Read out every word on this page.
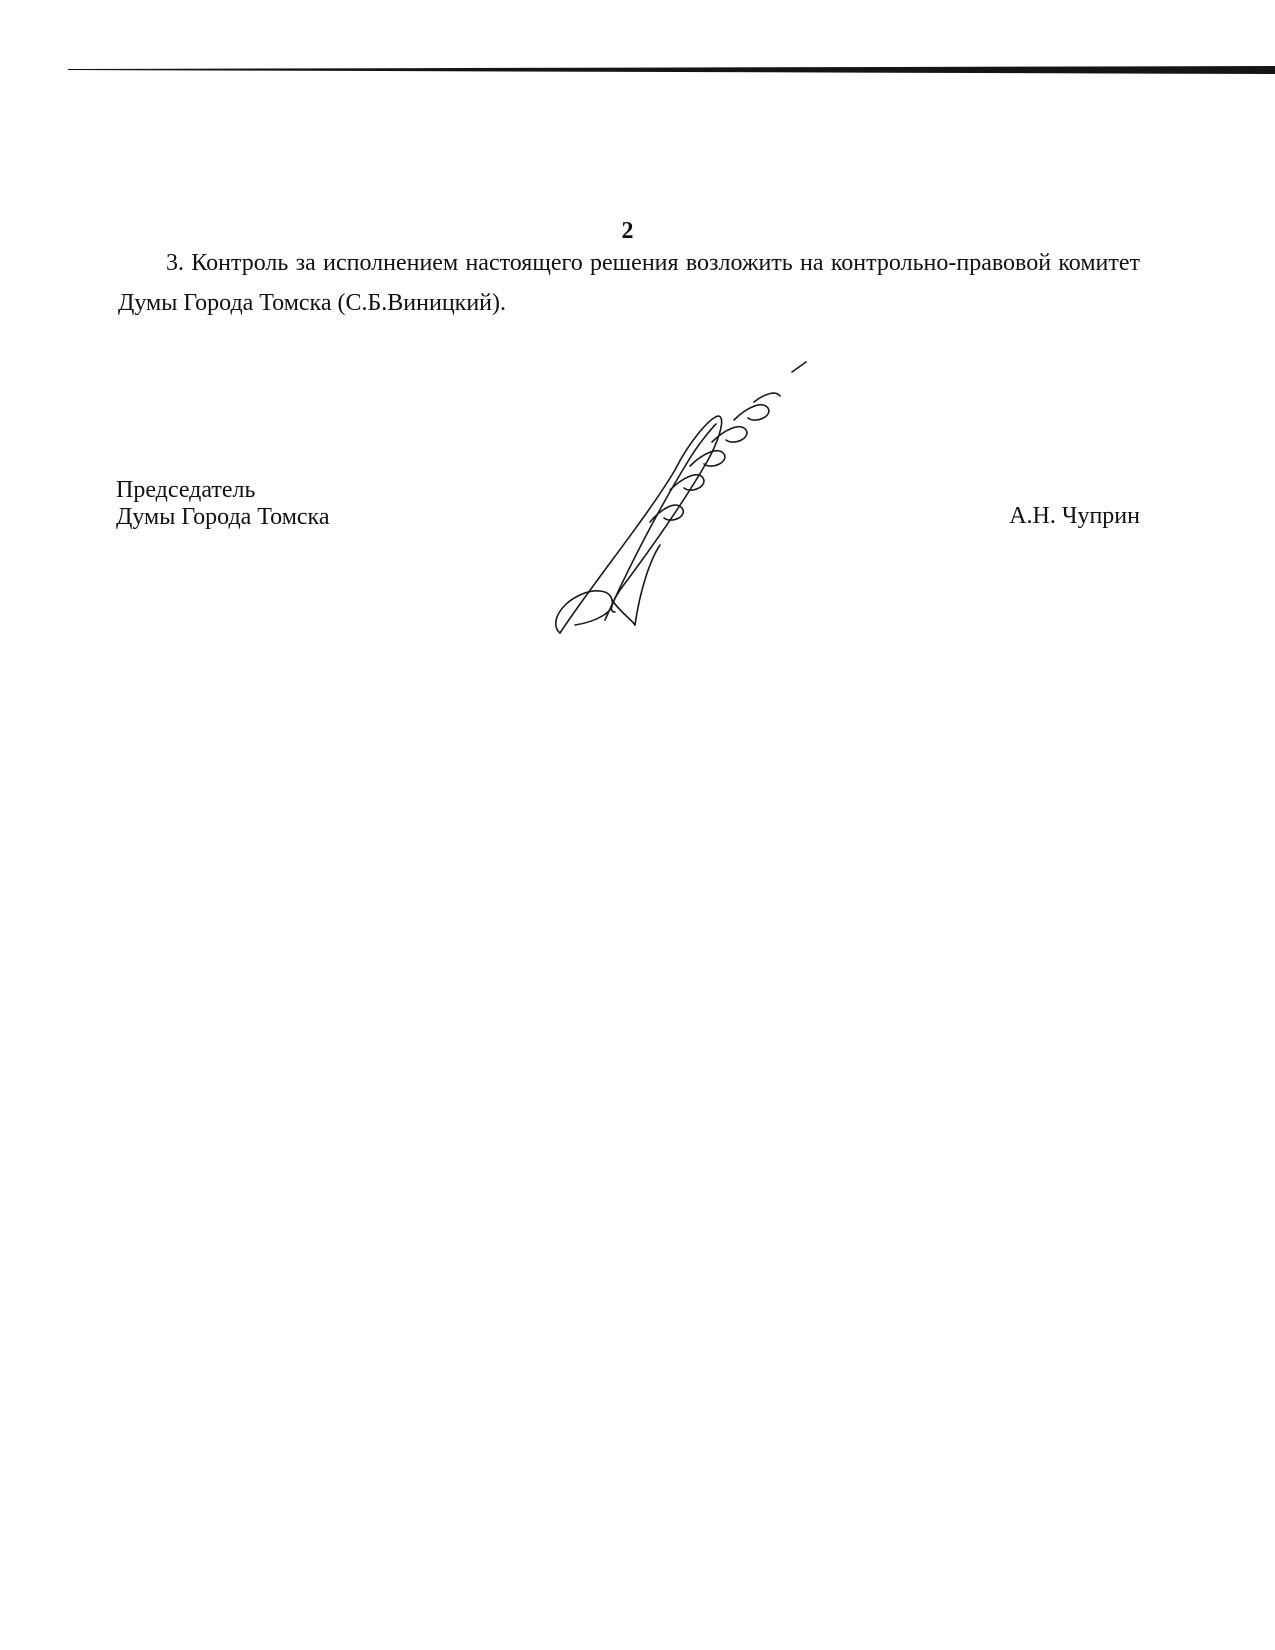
2

3. Контроль за исполнением настоящего решения возложить на контрольно-правовой комитет Думы Города Томска (С.Б.Виницкий).

Председатель
Думы Города Томска	А.Н. Чуприн
